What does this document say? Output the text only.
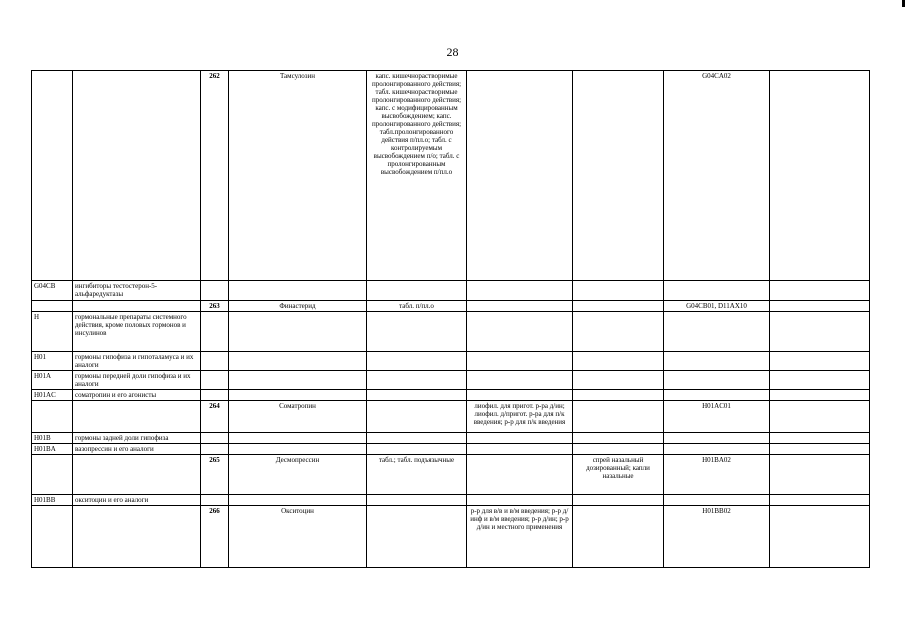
28
		262	Тамсулозин	капс. кишечнорастворимые пролонгированного действия; табл. кишечнорастворимые пролонгированного действия; капс. с модифицированным высвобождением; капс. пролонгированного действия; табл.пролонгированного действия п/пл.о; табл. с контролируемым высвобождением п/о; табл. с пролонгированным высвобождением п/пл.о			G04CA02	
G04CB	ингибиторы тестостерон-5-альфаредуктазы							
		263	Финастерид	табл. п/пл.о			G04CB01, D11AX10	
H	гормональные препараты системного действия, кроме половых гормонов и инсулинов							
H01	гормоны гипофиза и гипоталамуса и их аналоги							
H01A	гормоны передней доли гипофиза и их аналоги							
H01AC	соматропин и его агонисты							
		264	Соматропин		лиофил. для пригот. р-ра д/ин; лиофил. д/пригот. р-ра для п/к введения; р-р для п/к введения		H01AC01	
H01B	гормоны задней доли гипофиза							
H01BA	вазопрессин и его аналоги							
		265	Десмопрессин	табл.; табл. подъязычные		спрей назальный дозированный; капли назальные	H01BA02	
H01BB	окситоцин и его аналоги							
		266	Окситоцин		р-р для в/в и в/м введения; р-р д/инф и в/м введения; р-р д/ин; р-р д/ин и местного применения		H01BB02	
